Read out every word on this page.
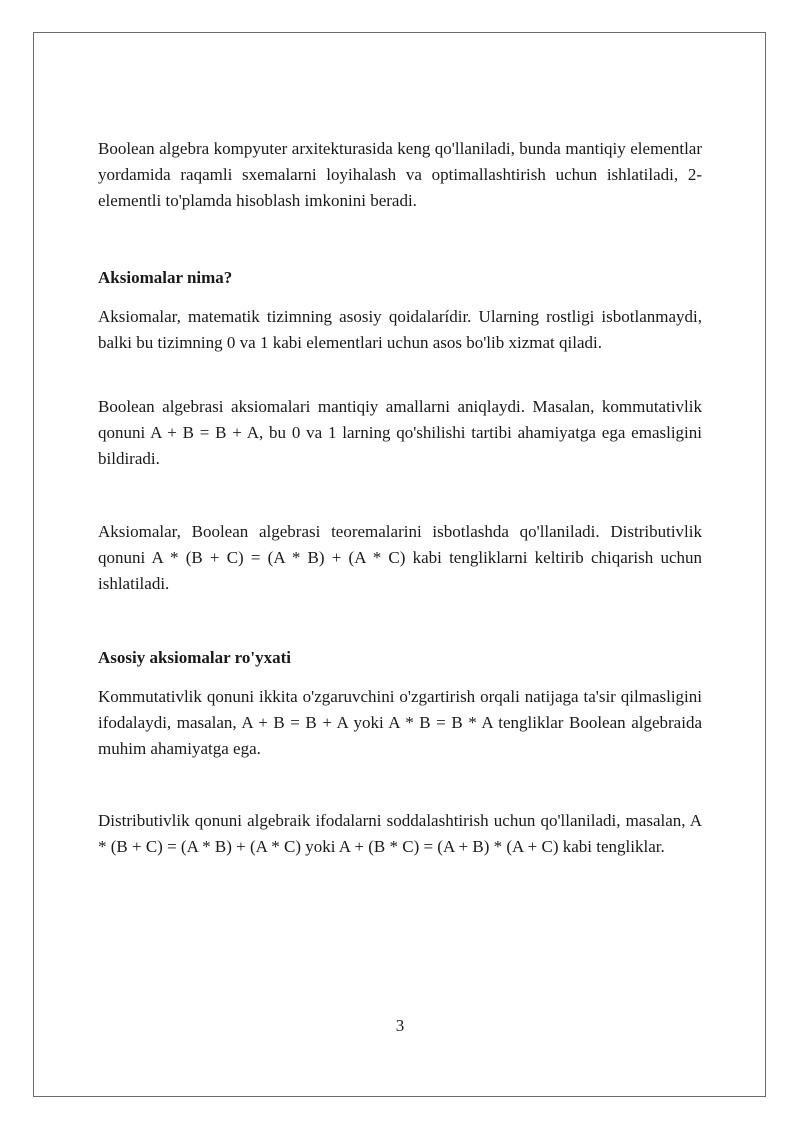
Boolean algebra kompyuter arxitekturasida keng qo'llaniladi, bunda mantiqiy elementlar yordamida raqamli sxemalarni loyihalash va optimallashtirish uchun ishlatiladi, 2-elementli to'plamda hisoblash imkonini beradi.

Aksiomalar nima?

Aksiomalar, matematik tizimning asosiy qoidalarídir. Ularning rostligi isbotlanmaydi, balki bu tizimning 0 va 1 kabi elementlari uchun asos bo'lib xizmat qiladi.

Boolean algebrasi aksiomalari mantiqiy amallarni aniqlaydi. Masalan, kommutativlik qonuni A + B = B + A, bu 0 va 1 larning qo'shilishi tartibi ahamiyatga ega emasligini bildiradi.

Aksiomalar, Boolean algebrasi teoremalarini isbotlashda qo'llaniladi. Distributivlik qonuni A * (B + C) = (A * B) + (A * C) kabi tengliklarni keltirib chiqarish uchun ishlatiladi.

Asosiy aksiomalar ro'yxati

Kommutativlik qonuni ikkita o'zgaruvchini o'zgartirish orqali natijaga ta'sir qilmasligini ifodalaydi, masalan, A + B = B + A yoki A * B = B * A tengliklar Boolean algebraida muhim ahamiyatga ega.

Distributivlik qonuni algebraik ifodalarni soddalashtirish uchun qo'llaniladi, masalan, A * (B + C) = (A * B) + (A * C) yoki A + (B * C) = (A + B) * (A + C) kabi tengliklar.

3
